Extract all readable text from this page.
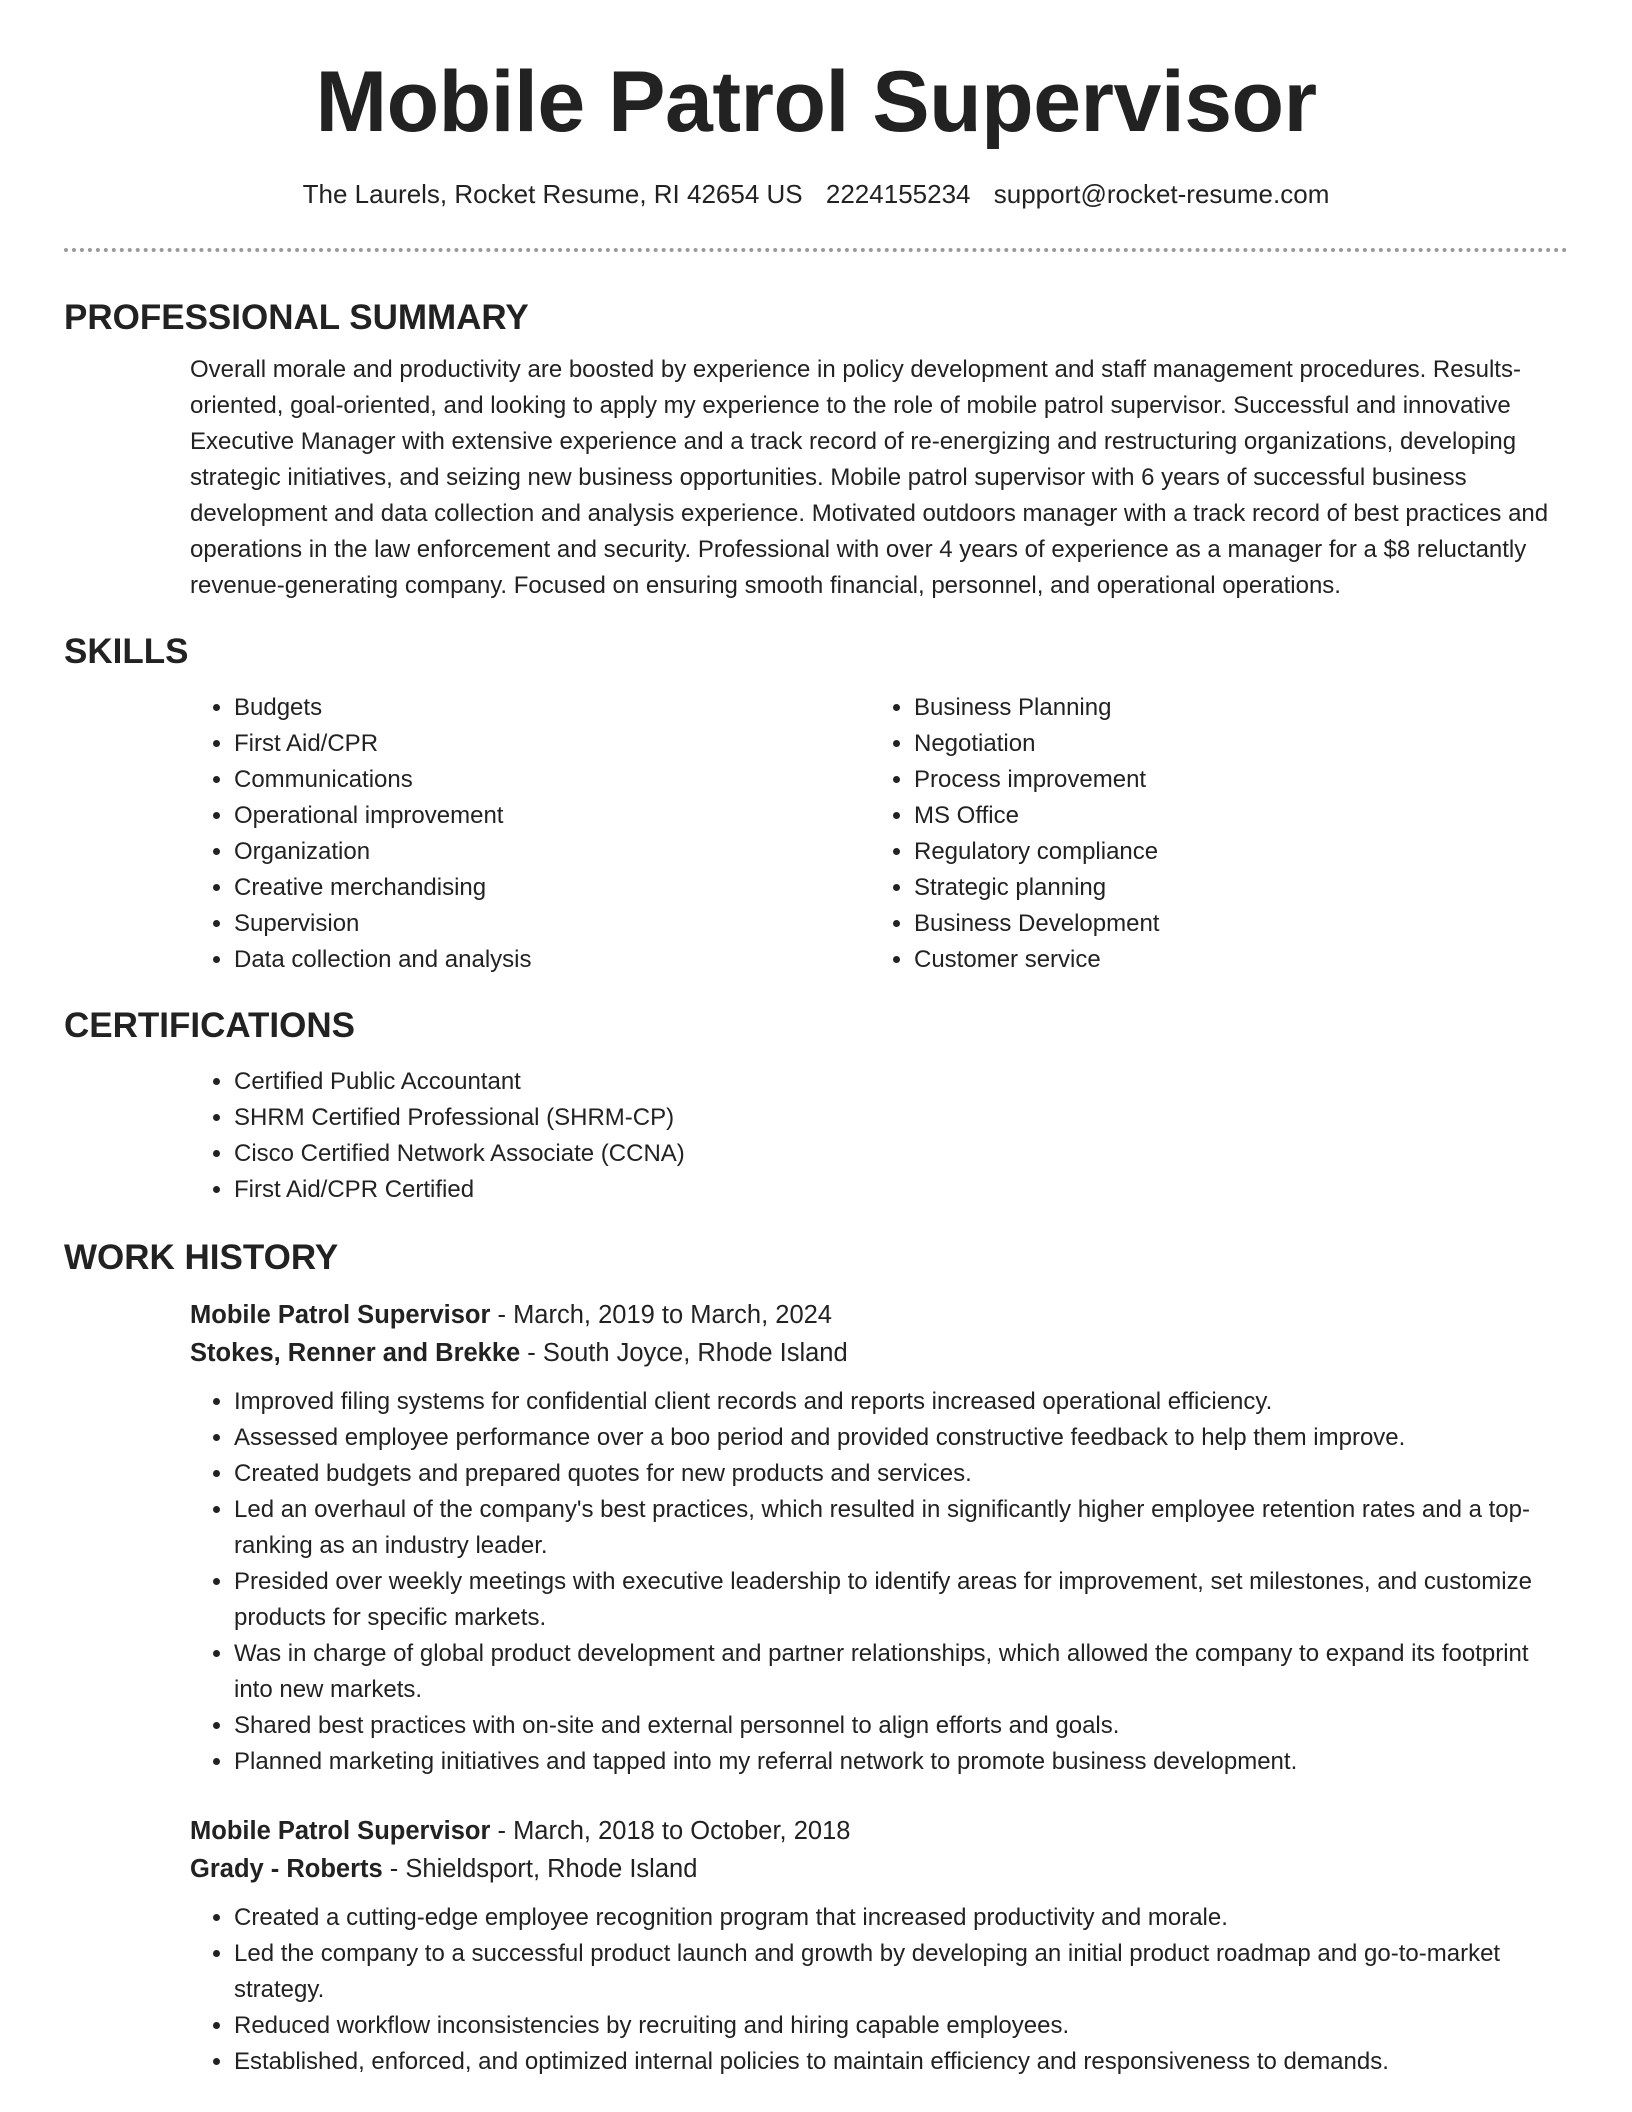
Mobile Patrol Supervisor
The Laurels, Rocket Resume, RI 42654 US 2224155234 support@rocket-resume.com
PROFESSIONAL SUMMARY
Overall morale and productivity are boosted by experience in policy development and staff management procedures. Results-oriented, goal-oriented, and looking to apply my experience to the role of mobile patrol supervisor. Successful and innovative Executive Manager with extensive experience and a track record of re-energizing and restructuring organizations, developing strategic initiatives, and seizing new business opportunities. Mobile patrol supervisor with 6 years of successful business development and data collection and analysis experience. Motivated outdoors manager with a track record of best practices and operations in the law enforcement and security. Professional with over 4 years of experience as a manager for a $8 reluctantly revenue-generating company. Focused on ensuring smooth financial, personnel, and operational operations.
SKILLS
• Budgets
• First Aid/CPR
• Communications
• Operational improvement
• Organization
• Creative merchandising
• Supervision
• Data collection and analysis
• Business Planning
• Negotiation
• Process improvement
• MS Office
• Regulatory compliance
• Strategic planning
• Business Development
• Customer service
CERTIFICATIONS
• Certified Public Accountant
• SHRM Certified Professional (SHRM-CP)
• Cisco Certified Network Associate (CCNA)
• First Aid/CPR Certified
WORK HISTORY
Mobile Patrol Supervisor - March, 2019 to March, 2024
Stokes, Renner and Brekke - South Joyce, Rhode Island
• Improved filing systems for confidential client records and reports increased operational efficiency.
• Assessed employee performance over a boo period and provided constructive feedback to help them improve.
• Created budgets and prepared quotes for new products and services.
• Led an overhaul of the company's best practices, which resulted in significantly higher employee retention rates and a top-ranking as an industry leader.
• Presided over weekly meetings with executive leadership to identify areas for improvement, set milestones, and customize products for specific markets.
• Was in charge of global product development and partner relationships, which allowed the company to expand its footprint into new markets.
• Shared best practices with on-site and external personnel to align efforts and goals.
• Planned marketing initiatives and tapped into my referral network to promote business development.
Mobile Patrol Supervisor - March, 2018 to October, 2018
Grady - Roberts - Shieldsport, Rhode Island
• Created a cutting-edge employee recognition program that increased productivity and morale.
• Led the company to a successful product launch and growth by developing an initial product roadmap and go-to-market strategy.
• Reduced workflow inconsistencies by recruiting and hiring capable employees.
• Established, enforced, and optimized internal policies to maintain efficiency and responsiveness to demands.
